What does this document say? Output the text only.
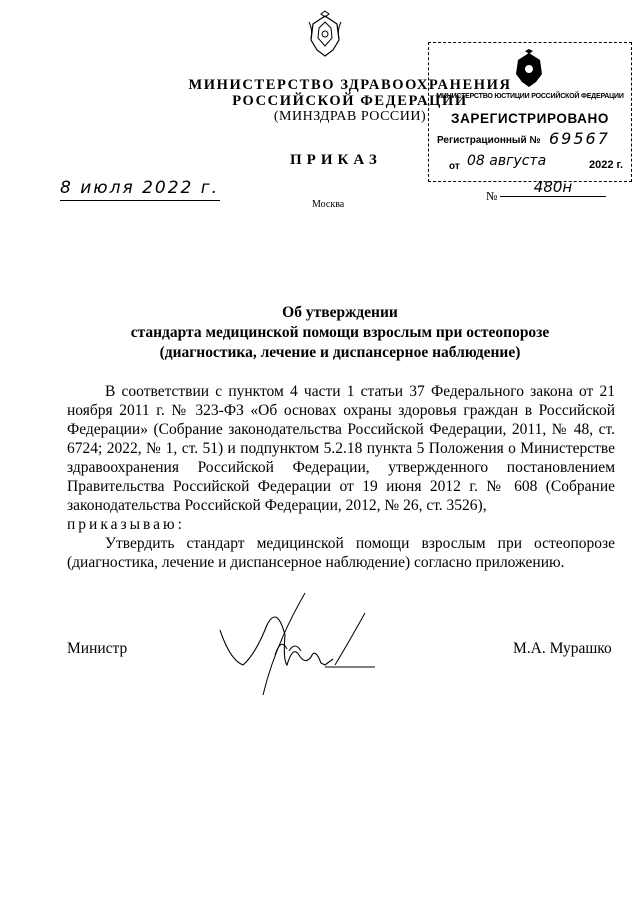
МИНИСТЕРСТВО ЗДРАВООХРАНЕНИЯ
РОССИЙСКОЙ ФЕДЕРАЦИИ
(МИНЗДРАВ РОССИИ)
МИНИСТЕРСТВО ЮСТИЦИИ РОССИЙСКОЙ ФЕДЕРАЦИИ
ЗАРЕГИСТРИРОВАНО
Регистрационный № 69567
от 08 августа	2022 г.
ПРИКАЗ
8 июля 2022 г.
Москва
№	480н
Об утверждении
стандарта медицинской помощи взрослым при остеопорозе
(диагностика, лечение и диспансерное наблюдение)

В соответствии с пунктом 4 части 1 статьи 37 Федерального закона от 21 ноября 2011 г. № 323-ФЗ «Об основах охраны здоровья граждан в Российской Федерации» (Собрание законодательства Российской Федерации, 2011, № 48, ст. 6724; 2022, № 1, ст. 51) и подпунктом 5.2.18 пункта 5 Положения о Министерстве здравоохранения Российской Федерации, утвержденного постановлением Правительства Российской Федерации от 19 июня 2012 г. № 608 (Собрание законодательства Российской Федерации, 2012, № 26, ст. 3526),

приказываю:

Утвердить стандарт медицинской помощи взрослым при остеопорозе (диагностика, лечение и диспансерное наблюдение) согласно приложению.

Министр	М.А. Мурашко
